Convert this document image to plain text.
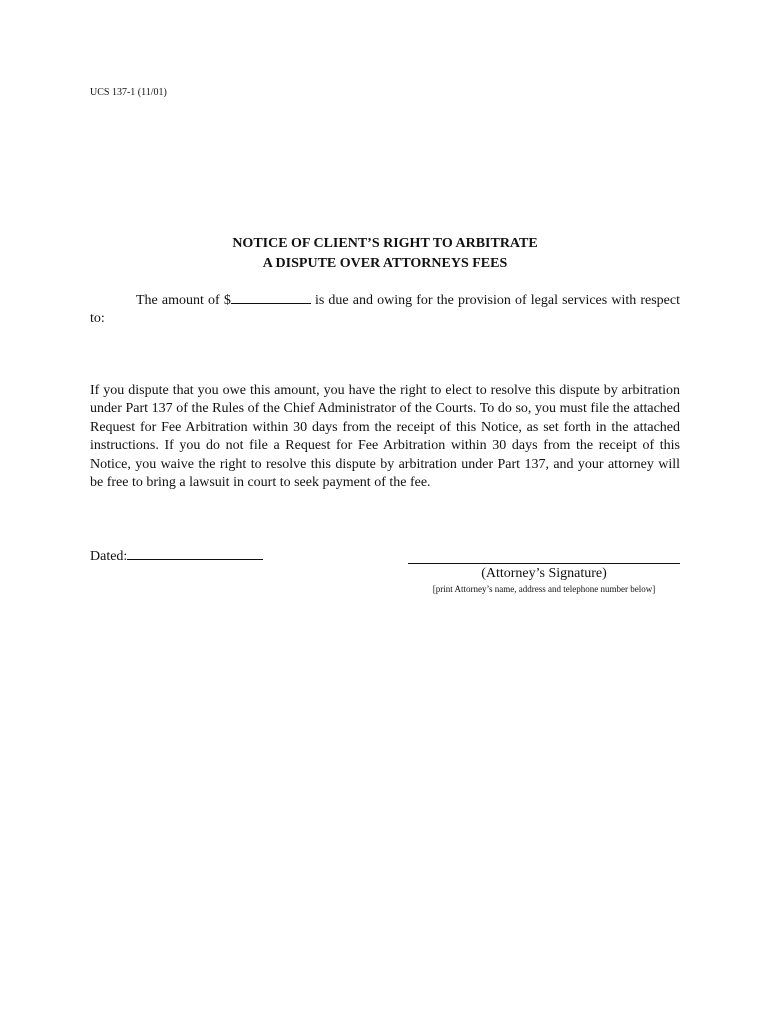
UCS 137-1 (11/01)
NOTICE OF CLIENT’S RIGHT TO ARBITRATE
A DISPUTE OVER ATTORNEYS FEES
The amount of $	is due and owing for the provision of legal services with respect to:
If you dispute that you owe this amount, you have the right to elect to resolve this dispute by arbitration under Part 137 of the Rules of the Chief Administrator of the Courts. To do so, you must file the attached Request for Fee Arbitration within 30 days from the receipt of this Notice, as set forth in the attached instructions. If you do not file a Request for Fee Arbitration within 30 days from the receipt of this Notice, you waive the right to resolve this dispute by arbitration under Part 137, and your attorney will be free to bring a lawsuit in court to seek payment of the fee.
Dated:
(Attorney’s Signature)
[print Attorney’s name, address and telephone number below]
